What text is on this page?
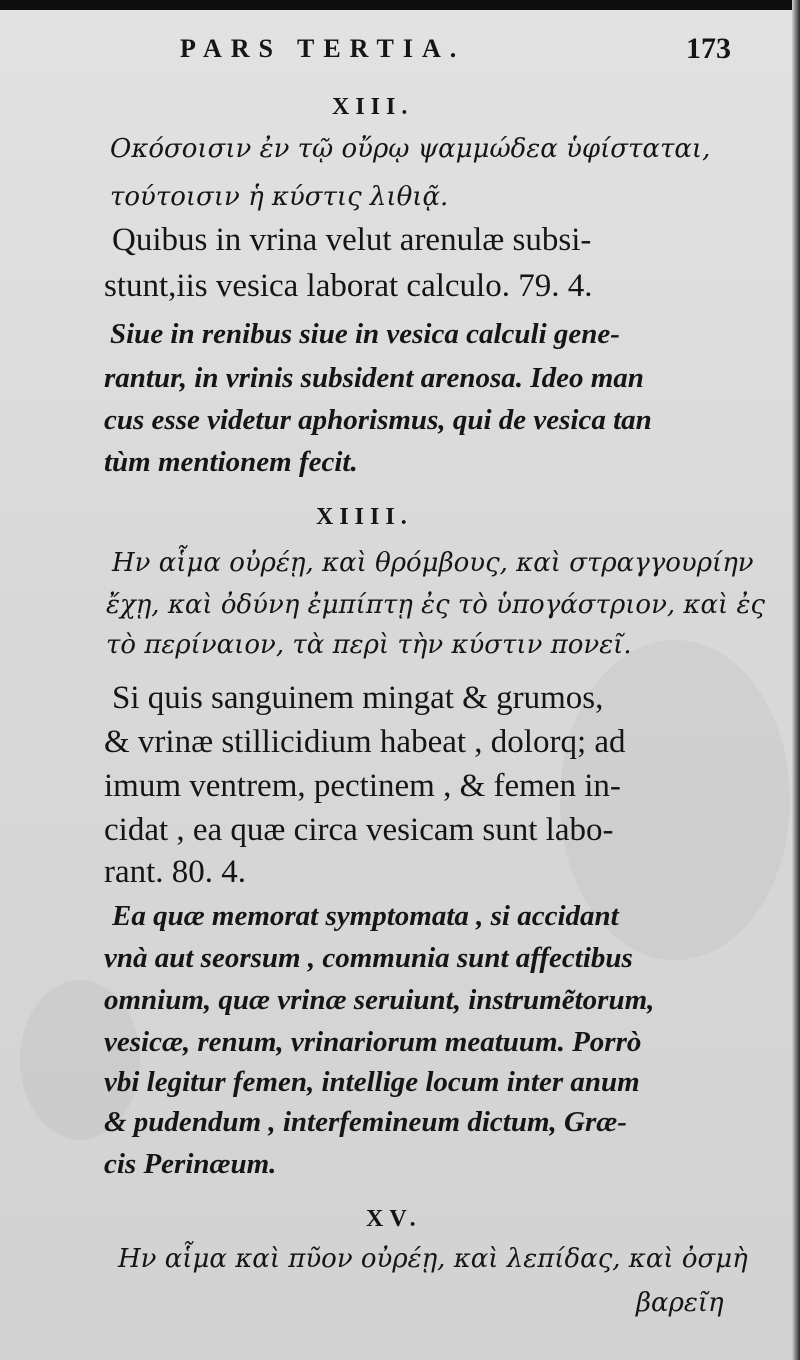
PARS TERTIA.	173
XIII.
Οκόσοισιν ἐν τῷ οὔρῳ ψαμμώδεα ὑφίσταται,
τούτοισιν ἡ κύστις λιθιᾷ.
Quibus in vrina velut arenulæ subsi-
stunt,iis vesica laborat calculo. 79. 4.
Siue in renibus siue in vesica calculi gene-
rantur, in vrinis subsident arenosa. Ideo man
cus esse videtur aphorismus, qui de vesica tan
tùm mentionem fecit.
XIIII.
Ην αἷμα οὐρέῃ, καὶ θρόμβους, καὶ στραγγουρίην
ἔχῃ, καὶ ὀδύνη ἐμπίπτῃ ἐς τὸ ὑπογάστριον, καὶ ἐς
τὸ περίναιον, τὰ περὶ τὴν κύστιν πονεῖ.
Si quis sanguinem mingat & grumos,
& vrinæ stillicidium habeat , dolorq; ad
imum ventrem, pectinem , & femen in-
cidat , ea quæ circa vesicam sunt labo-
rant. 80. 4.
Ea quæ memorat symptomata , si accidant
vnà aut seorsum , communia sunt affectibus
omnium, quæ vrinæ seruiunt, instrumẽtorum,
vesicæ, renum, vrinariorum meatuum. Porrò
vbi legitur femen, intellige locum inter anum
& pudendum , interfemineum dictum, Græ-
cis Perinæum.
XV.
Ην αἷμα καὶ πῦον οὐρέῃ, καὶ λεπίδας, καὶ ὀσμὴ
βαρεῖη
